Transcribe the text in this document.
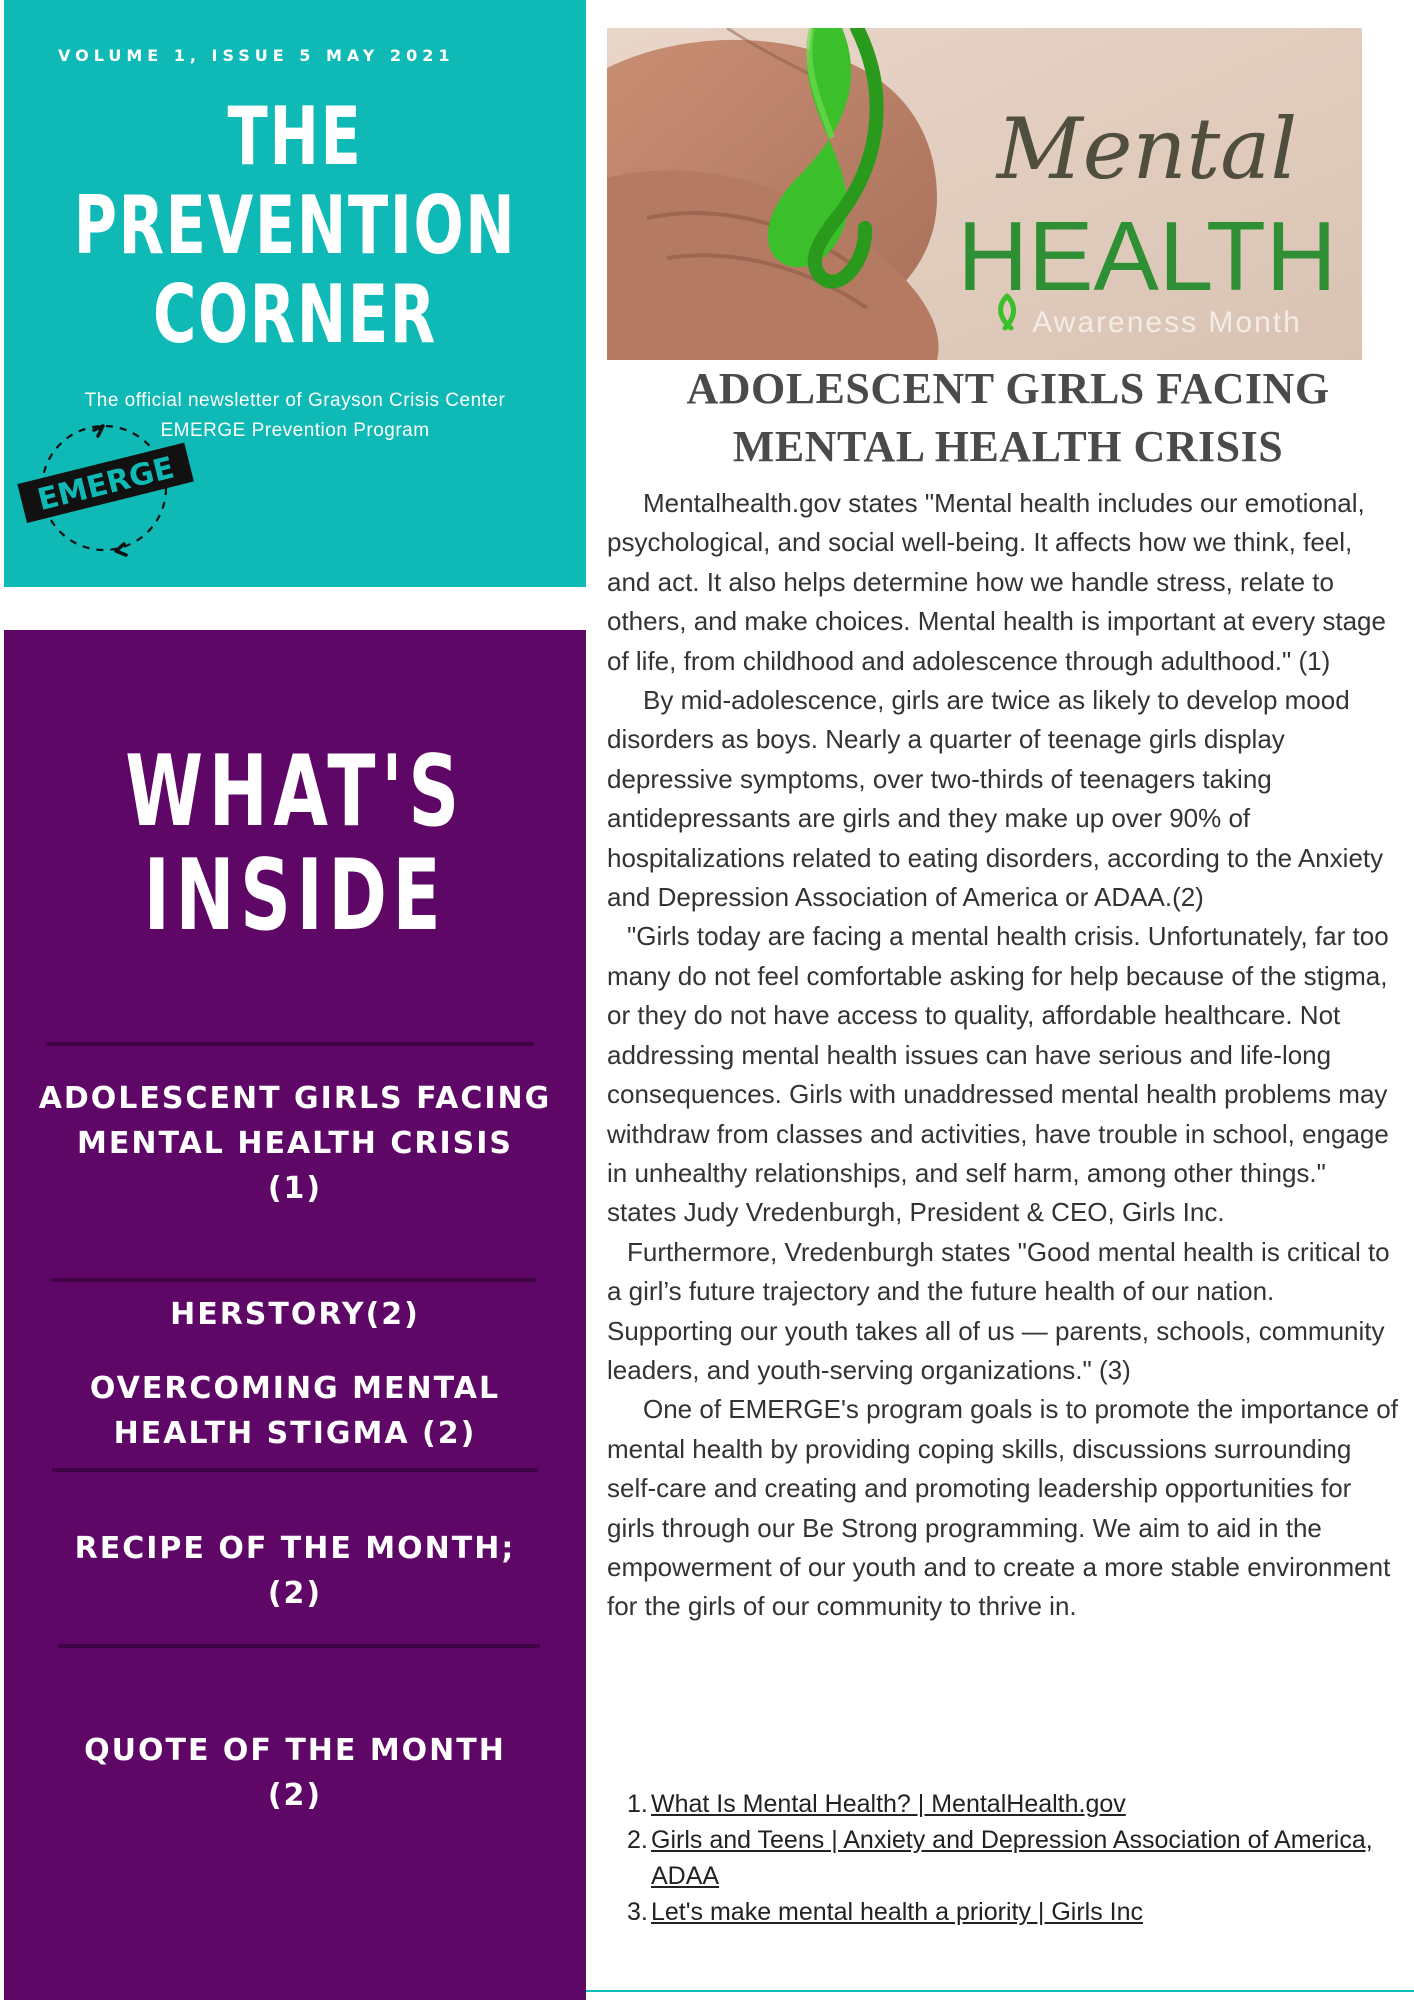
VOLUME 1, ISSUE 5 MAY 2021
THE
PREVENTION
CORNER
The official newsletter of Grayson Crisis Center
EMERGE Prevention Program
EMERGE
WHAT'S
INSIDE
ADOLESCENT GIRLS FACING
MENTAL HEALTH CRISIS
(1)
HERSTORY(2)
OVERCOMING MENTAL
HEALTH STIGMA (2)
RECIPE OF THE MONTH;
(2)
QUOTE OF THE MONTH
(2)
Mental
HEALTH
Awareness Month
ADOLESCENT GIRLS FACING
MENTAL HEALTH CRISIS

Mentalhealth.gov states "Mental health includes our emotional, psychological, and social well-being. It affects how we think, feel, and act. It also helps determine how we handle stress, relate to others, and make choices. Mental health is important at every stage of life, from childhood and adolescence through adulthood." (1)

By mid-adolescence, girls are twice as likely to develop mood disorders as boys. Nearly a quarter of teenage girls display depressive symptoms, over two-thirds of teenagers taking antidepressants are girls and they make up over 90% of hospitalizations related to eating disorders, according to the Anxiety and Depression Association of America or ADAA.(2)

"Girls today are facing a mental health crisis. Unfortunately, far too many do not feel comfortable asking for help because of the stigma, or they do not have access to quality, affordable healthcare. Not addressing mental health issues can have serious and life-long consequences. Girls with unaddressed mental health problems may withdraw from classes and activities, have trouble in school, engage in unhealthy relationships, and self harm, among other things." states Judy Vredenburgh, President & CEO, Girls Inc.

Furthermore, Vredenburgh states "Good mental health is critical to a girl’s future trajectory and the future health of our nation. Supporting our youth takes all of us — parents, schools, community leaders, and youth-serving organizations." (3)

One of EMERGE's program goals is to promote the importance of mental health by providing coping skills, discussions surrounding self-care and creating and promoting leadership opportunities for girls through our Be Strong programming. We aim to aid in the empowerment of our youth and to create a more stable environment for the girls of our community to thrive in.

1. What Is Mental Health? | MentalHealth.gov
2. Girls and Teens | Anxiety and Depression Association of America, ADAA
3. Let's make mental health a priority | Girls Inc
